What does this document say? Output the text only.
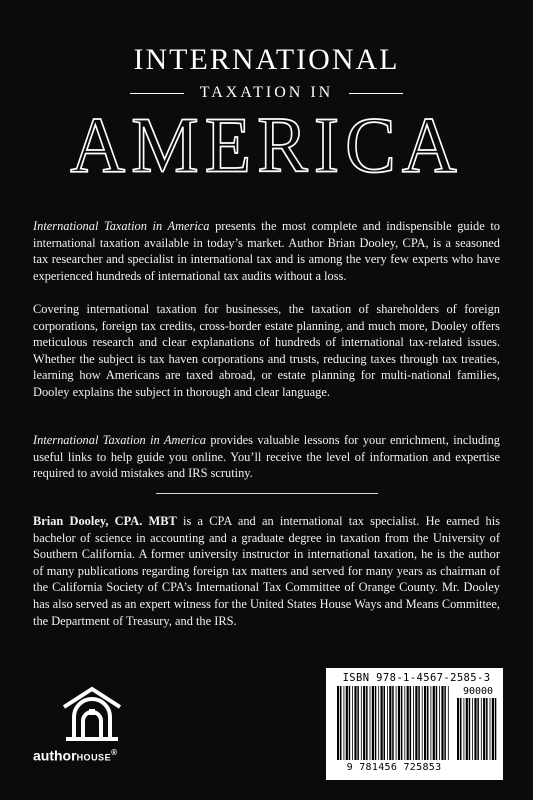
INTERNATIONAL
TAXATION IN
AMERICA

International Taxation in America presents the most complete and indispensible guide to international taxation available in today’s market. Author Brian Dooley, CPA, is a seasoned tax researcher and specialist in international tax and is among the very few experts who have experienced hundreds of international tax audits without a loss.

Covering international taxation for businesses, the taxation of shareholders of foreign corporations, foreign tax credits, cross-border estate planning, and much more, Dooley offers meticulous research and clear explanations of hundreds of international tax-related issues. Whether the subject is tax haven corporations and trusts, reducing taxes through tax treaties, learning how Americans are taxed abroad, or estate planning for multi-national families, Dooley explains the subject in thorough and clear language.

International Taxation in America provides valuable lessons for your enrichment, including useful links to help guide you online. You’ll receive the level of information and expertise required to avoid mistakes and IRS scrutiny.

Brian Dooley, CPA. MBT is a CPA and an international tax specialist. He earned his bachelor of science in accounting and a graduate degree in taxation from the University of Southern California. A former university instructor in international taxation, he is the author of many publications regarding foreign tax matters and served for many years as chairman of the California Society of CPA’s International Tax Committee of Orange County. Mr. Dooley has also served as an expert witness for the United States House Ways and Means Committee, the Department of Treasury, and the IRS.

authorHOUSE®
ISBN 978-1-4567-2585-3
90000
9 781456 725853
